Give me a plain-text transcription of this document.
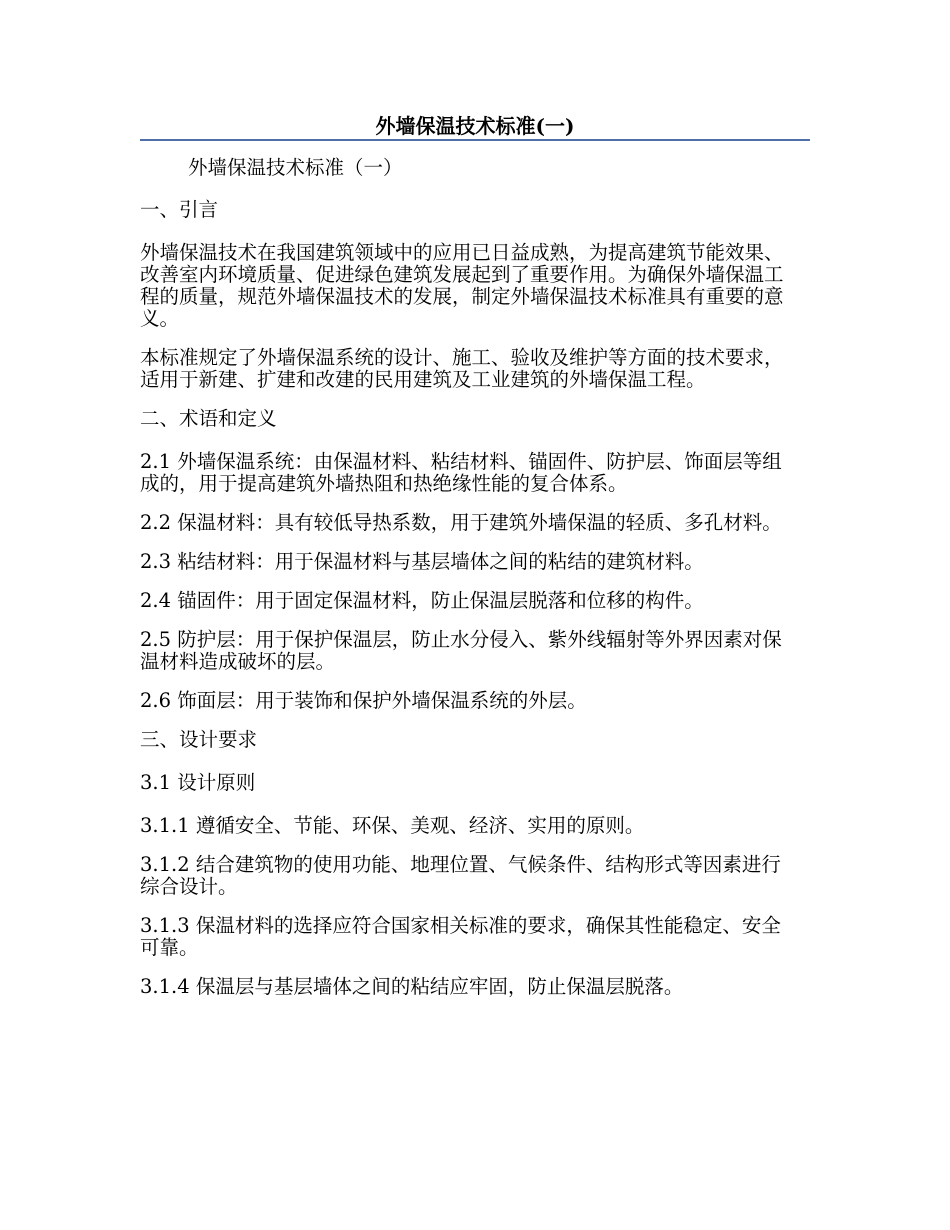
外墙保温技术标准(一)

外墙保温技术标准（一）

一、引言

外墙保温技术在我国建筑领域中的应用已日益成熟，为提高建筑节能效果、改善室内环境质量、促进绿色建筑发展起到了重要作用。为确保外墙保温工程的质量，规范外墙保温技术的发展，制定外墙保温技术标准具有重要的意义。

本标准规定了外墙保温系统的设计、施工、验收及维护等方面的技术要求，适用于新建、扩建和改建的民用建筑及工业建筑的外墙保温工程。

二、术语和定义

2.1 外墙保温系统：由保温材料、粘结材料、锚固件、防护层、饰面层等组成的，用于提高建筑外墙热阻和热绝缘性能的复合体系。

2.2 保温材料：具有较低导热系数，用于建筑外墙保温的轻质、多孔材料。

2.3 粘结材料：用于保温材料与基层墙体之间的粘结的建筑材料。

2.4 锚固件：用于固定保温材料，防止保温层脱落和位移的构件。

2.5 防护层：用于保护保温层，防止水分侵入、紫外线辐射等外界因素对保温材料造成破坏的层。

2.6 饰面层：用于装饰和保护外墙保温系统的外层。

三、设计要求

3.1 设计原则

3.1.1 遵循安全、节能、环保、美观、经济、实用的原则。

3.1.2 结合建筑物的使用功能、地理位置、气候条件、结构形式等因素进行综合设计。

3.1.3 保温材料的选择应符合国家相关标准的要求，确保其性能稳定、安全可靠。

3.1.4 保温层与基层墙体之间的粘结应牢固，防止保温层脱落。
